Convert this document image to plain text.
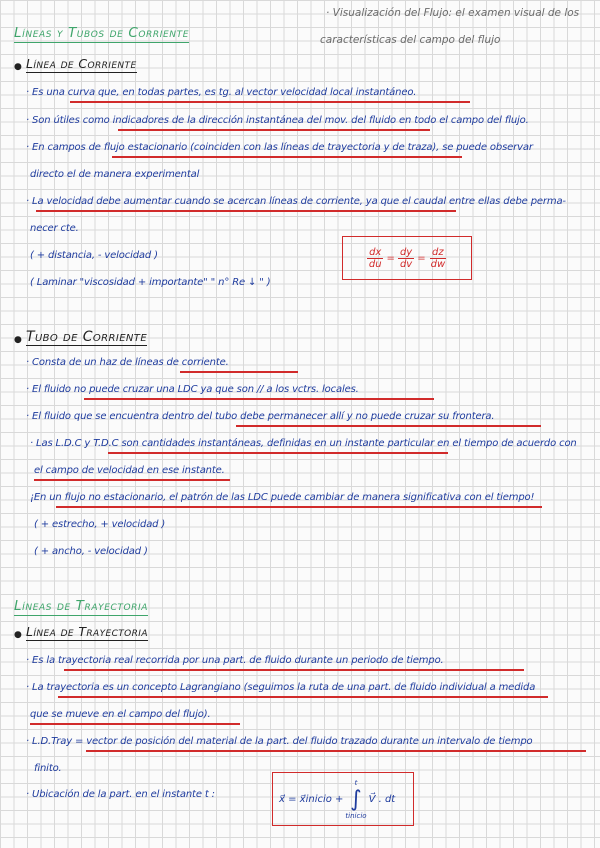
· Visualización del Flujo: el examen visual de los
características del campo del flujo
Líneas y Tubos de Corriente
● Línea de Corriente
· Es una curva que, en todas partes, es tg. al vector velocidad local instantáneo.
· Son útiles como indicadores de la dirección instantánea del mov. del fluido en todo el campo del flujo.
· En campos de flujo estacionario (coinciden con las líneas de trayectoria y de traza), se puede observar
directo el de manera experimental
· La velocidad debe aumentar cuando se acercan líneas de corriente, ya que el caudal entre ellas debe perma-
necer cte.
( + distancia, - velocidad )
( Laminar "viscosidad + importante" " n° Re ↓ " )
$\frac{dx}{du} = \frac{dy}{dv} = \frac{dz}{dw}$
● Tubo de Corriente
· Consta de un haz de líneas de corriente.
· El fluido no puede cruzar una LDC ya que son // a los vctrs. locales.
· El fluido que se encuentra dentro del tubo debe permanecer allí y no puede cruzar su frontera.
· Las L.D.C y T.D.C son cantidades instantáneas, definidas en un instante particular en el tiempo de acuerdo con
el campo de velocidad en ese instante.
¡En un flujo no estacionario, el patrón de las LDC puede cambiar de manera significativa con el tiempo!
( + estrecho, + velocidad )
( + ancho, - velocidad )
Líneas de Trayectoria
● Línea de Trayectoria
· Es la trayectoria real recorrida por una part. de fluido durante un periodo de tiempo.
· La trayectoria es un concepto Lagrangiano (seguimos la ruta de una part. de fluido individual a medida
que se mueve en el campo del flujo).
· L.D.Tray = vector de posición del material de la part. del fluido trazado durante un intervalo de tiempo
finito.
· Ubicación de la part. en el instante t :	x⃗ = x⃗inicio +
t
∫
tinicio
V⃗ . dt
